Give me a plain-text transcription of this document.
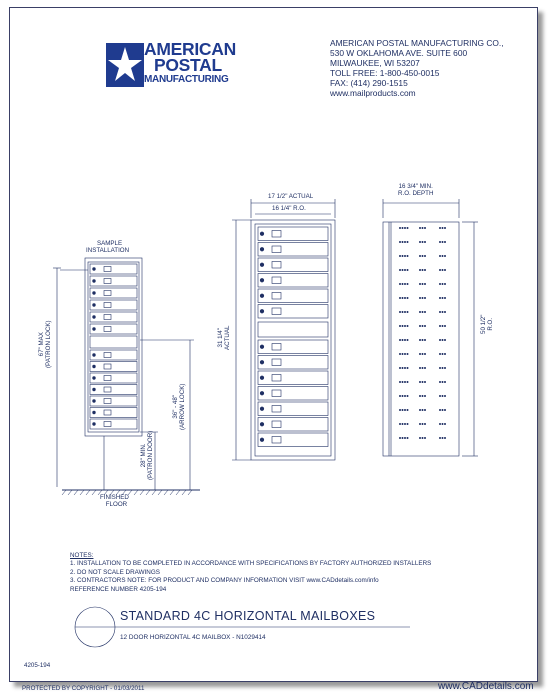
AMERICAN
POSTAL
MANUFACTURING
AMERICAN POSTAL MANUFACTURING CO.,
530 W OKLAHOMA AVE. SUITE 600
MILWAUKEE, WI 53207
TOLL FREE: 1-800-450-0015
FAX: (414) 290-1515
www.mailproducts.com
SAMPLE
INSTALLATION
67" MAX (PATRON LOCK)
36" - 48" (ARROW LOCK)
28" MIN. (PATRON DOOR)
FINISHED
FLOOR
17 1/2" ACTUAL
16 1/4" R.O.
31 1/4" ACTUAL
16 3/4" MIN.
R.O. DEPTH
50 1/2" R.O.
NOTES:
1. INSTALLATION TO BE COMPLETED IN ACCORDANCE WITH SPECIFICATIONS BY FACTORY AUTHORIZED INSTALLERS
2. DO NOT SCALE DRAWINGS
3. CONTRACTORS NOTE: FOR PRODUCT AND COMPANY INFORMATION VISIT www.CADdetails.com/info
REFERENCE NUMBER 4205-194
STANDARD 4C HORIZONTAL MAILBOXES
12 DOOR HORIZONTAL 4C MAILBOX - N1029414
4205-194
PROTECTED BY COPYRIGHT - 01/03/2011	www.CADdetails.com
